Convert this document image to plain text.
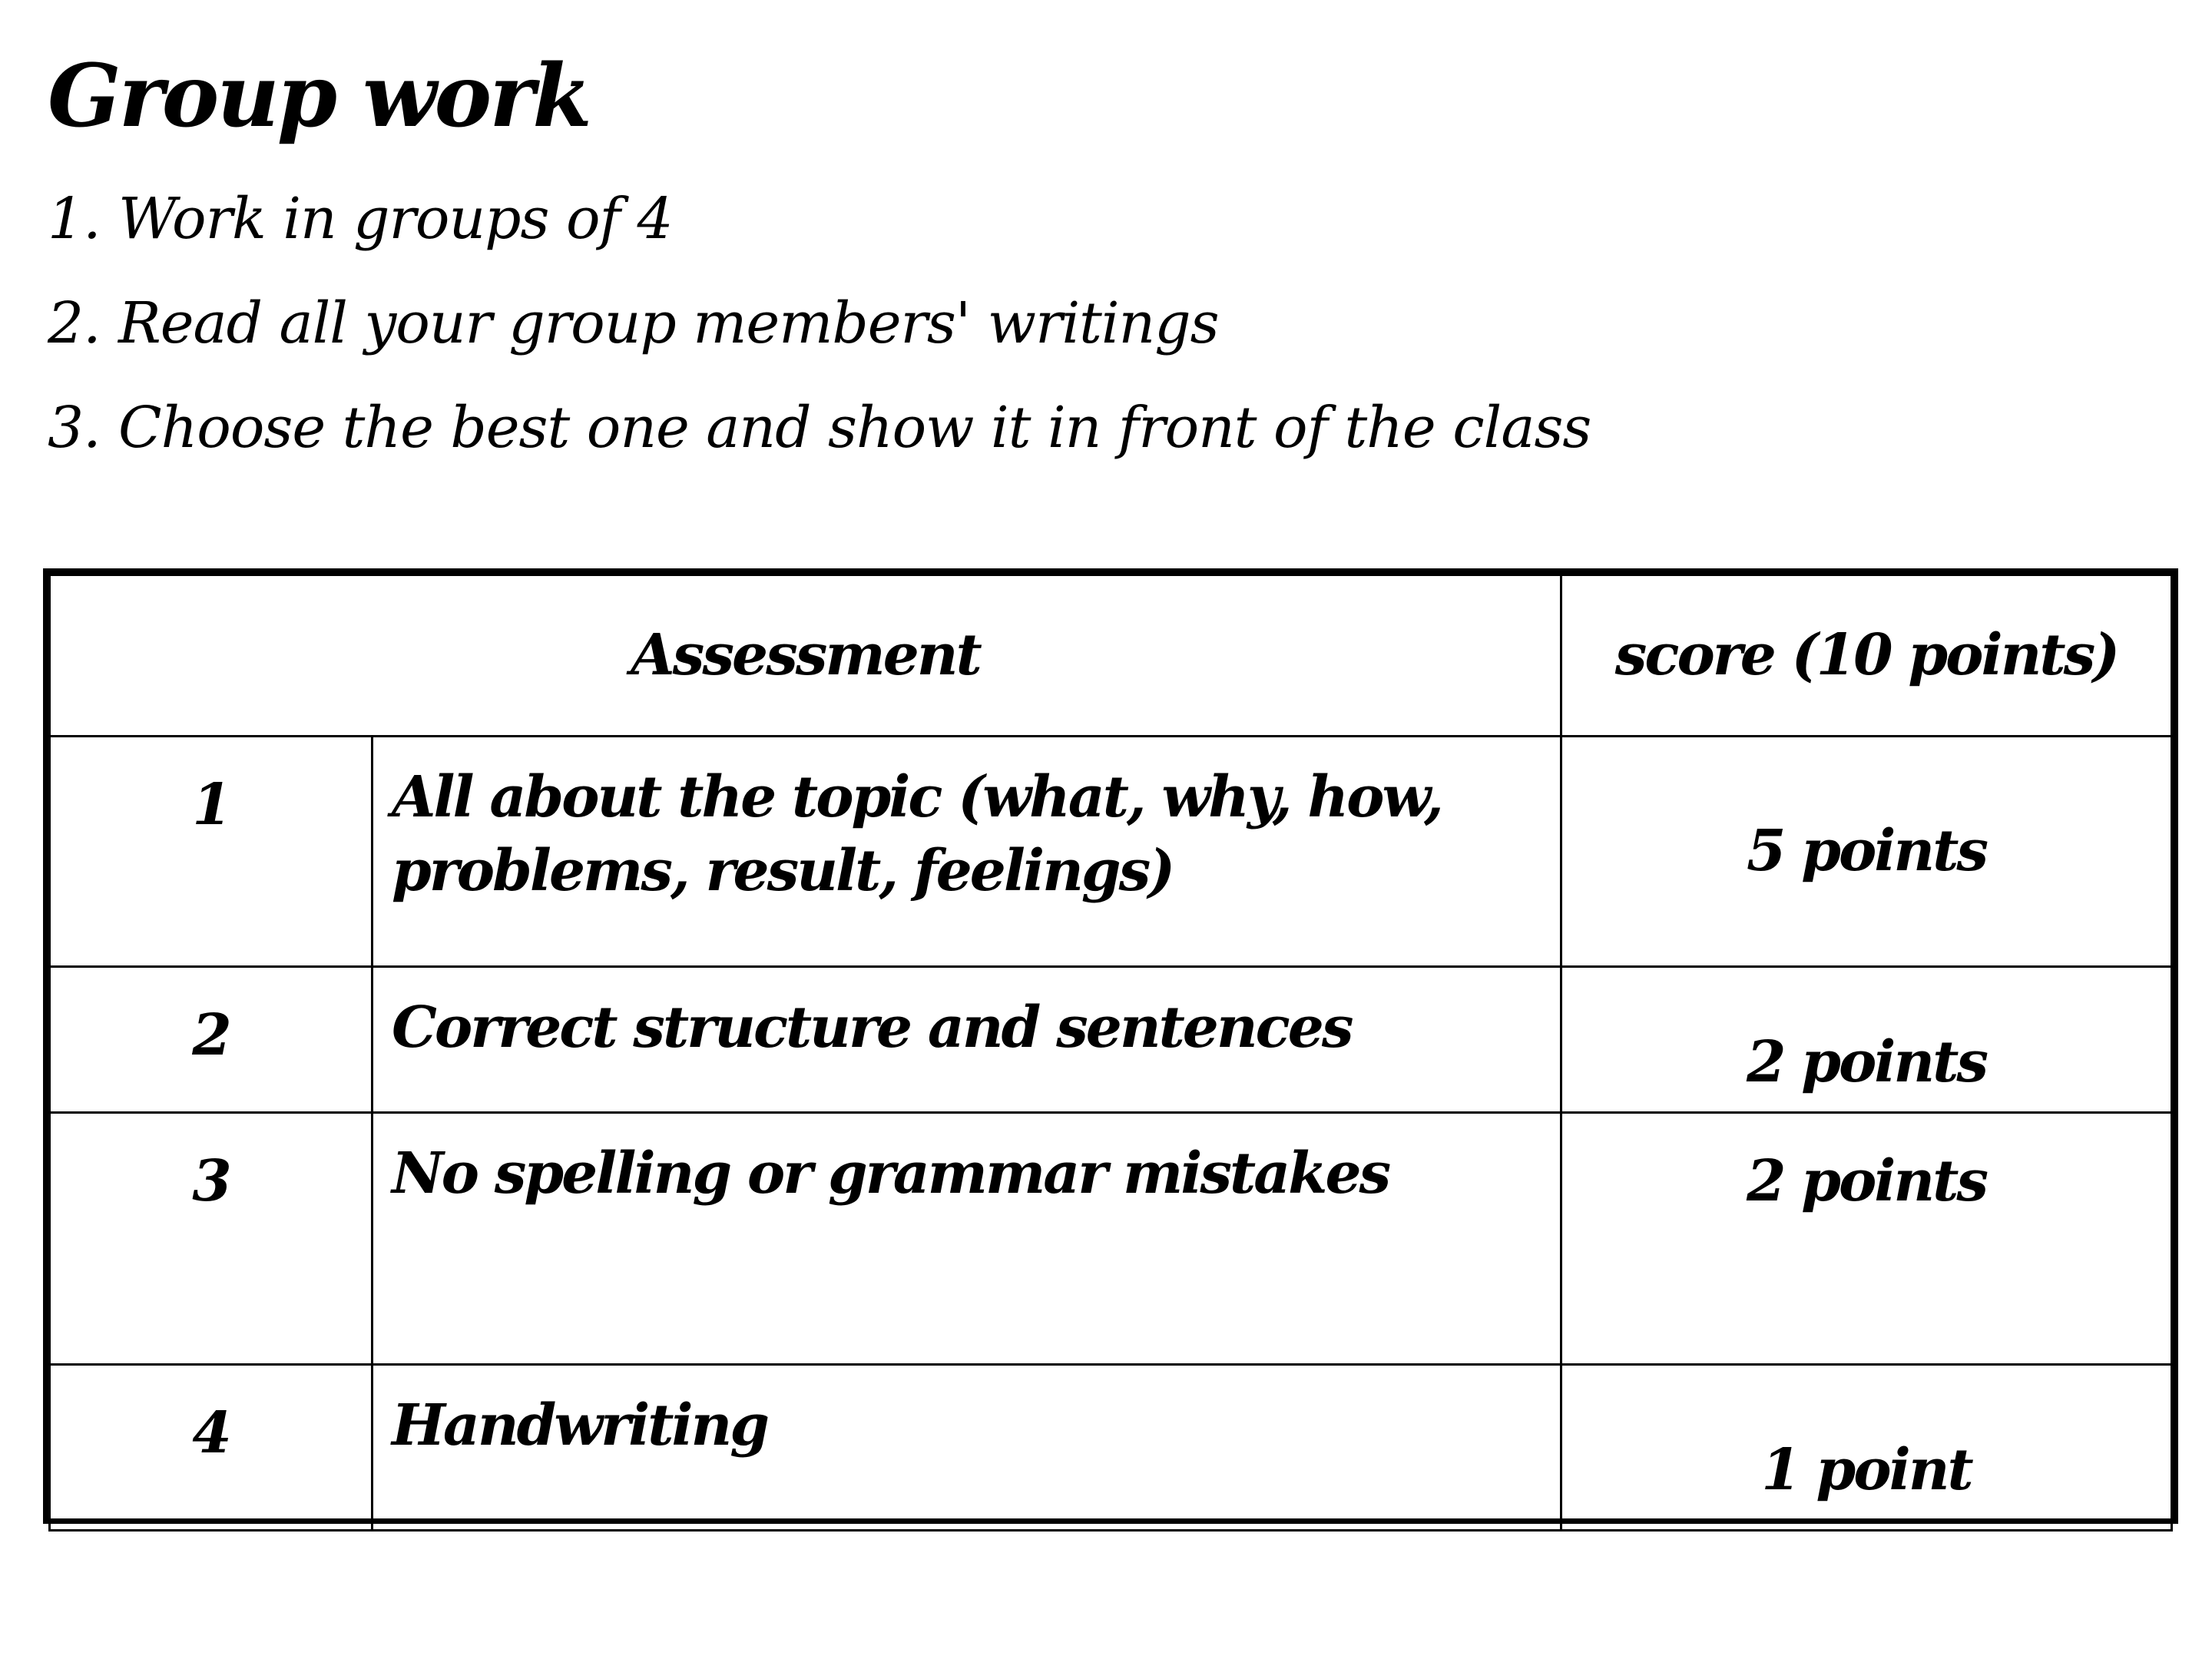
Group work
1. Work in groups of 4
2. Read all your group members' writings
3. Choose the best one and show it in front of the class
Assessment		score (10 points)
1	All about the topic (what, why, how, problems, result, feelings)	5 points
2	Correct structure and sentences	2 points
3	No spelling or grammar mistakes	2 points
4	Handwriting	1 point
